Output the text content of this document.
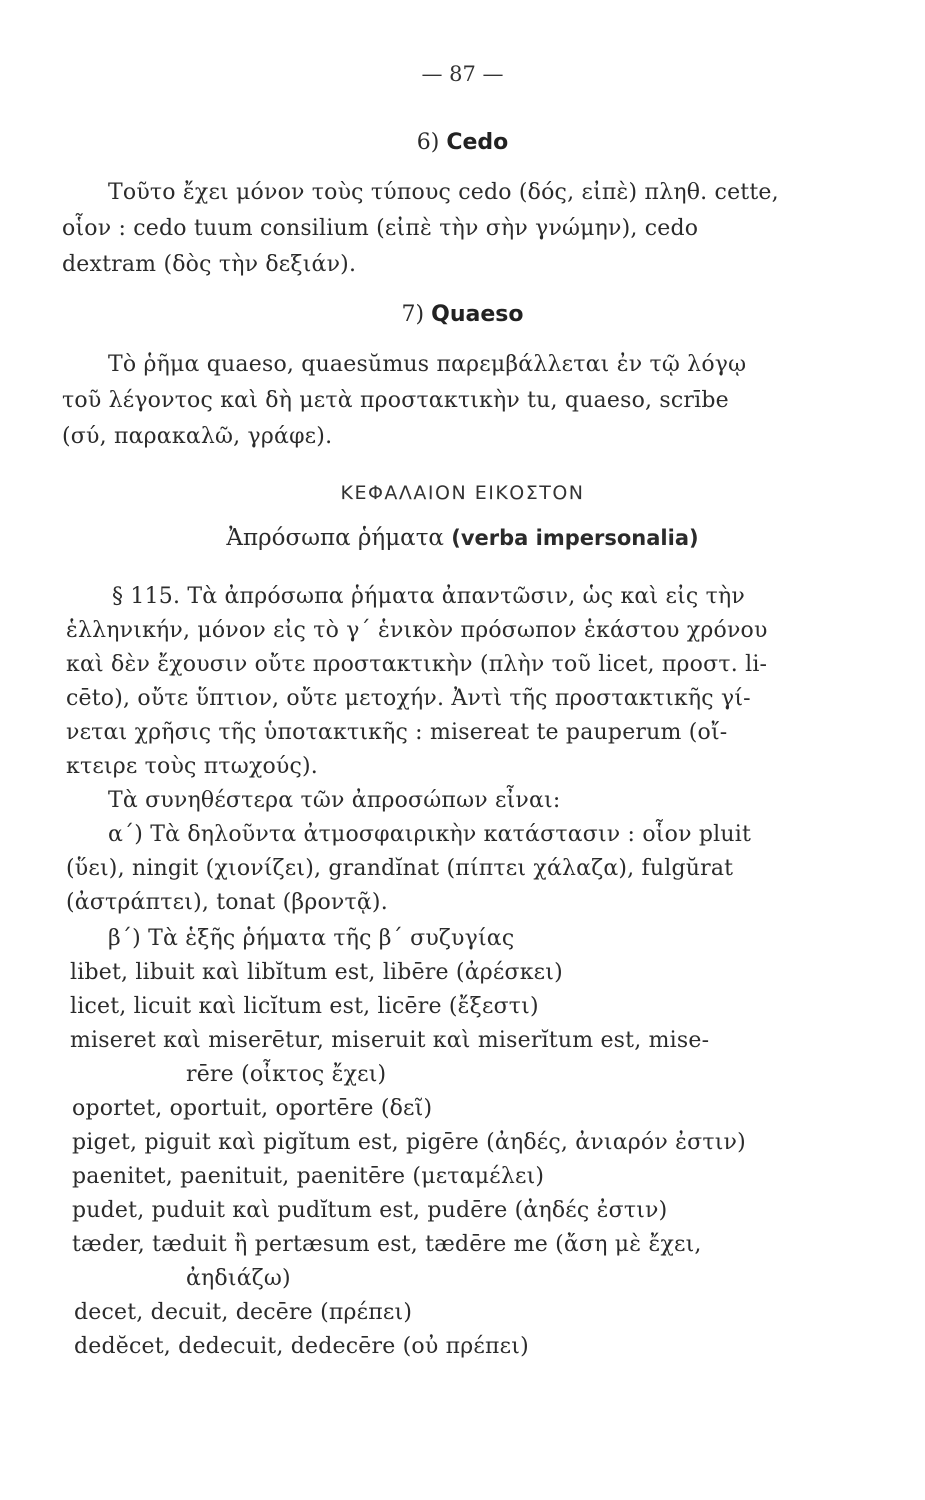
— 87 —
6) Cedo
Τοῦτο ἔχει μόνον τοὺς τύπους cedo (δός, εἰπὲ) πληθ. cette,
οἷον : cedo tuum consilium (εἰπὲ τὴν σὴν γνώμην), cedo
dextram (δὸς τὴν δεξιάν).
7) Quaeso
Τὸ ῥῆμα quaeso, quaesŭmus παρεμβάλλεται ἐν τῷ λόγῳ
τοῦ λέγοντος καὶ δὴ μετὰ προστακτικὴν tu, quaeso, scrībe
(σύ, παρακαλῶ, γράφε).
ΚΕΦΑΛΑΙΟΝ ΕΙΚΟΣΤΟΝ
Ἀπρόσωπα ῥήματα (verba impersonalia)
§ 115. Τὰ ἀπρόσωπα ῥήματα ἀπαντῶσιν, ὡς καὶ εἰς τὴν
ἑλληνικήν, μόνον εἰς τὸ γ´ ἑνικὸν πρόσωπον ἑκάστου χρόνου
καὶ δὲν ἔχουσιν οὔτε προστακτικὴν (πλὴν τοῦ licet, προστ. li-
cēto), οὔτε ὕπτιον, οὔτε μετοχήν. Ἀντὶ τῆς προστακτικῆς γί-
νεται χρῆσις τῆς ὑποτακτικῆς : misereat te pauperum (οἴ-
κτειρε τοὺς πτωχούς).
Τὰ συνηθέστερα τῶν ἀπροσώπων εἶναι:
α´) Τὰ δηλοῦντα ἀτμοσφαιρικὴν κατάστασιν : οἷον pluit
(ὕει), ningit (χιονίζει), grandĭnat (πίπτει χάλαζα), fulgŭrat
(ἀστράπτει), tonat (βροντᾷ).
β´) Τὰ ἑξῆς ῥήματα τῆς β´ συζυγίας
libet, libuit καὶ libĭtum est, libēre (ἀρέσκει)
licet, licuit καὶ licĭtum est, licēre (ἔξεστι)
miseret καὶ miserētur, miseruit καὶ miserĭtum est, mise-
rēre (οἶκτος ἔχει)
oportet, oportuit, oportēre (δεῖ)
piget, piguit καὶ pigĭtum est, pigēre (ἀηδές, ἀνιαρόν ἐστιν)
paenitet, paenituit, paenitēre (μεταμέλει)
pudet, puduit καὶ pudĭtum est, pudēre (ἀηδές ἐστιν)
tæder, tæduit ἢ pertæsum est, tædēre me (ἄση μὲ ἔχει,
ἀηδιάζω)
decet, decuit, decēre (πρέπει)
dedĕcet, dedecuit, dedecēre (οὐ πρέπει)
